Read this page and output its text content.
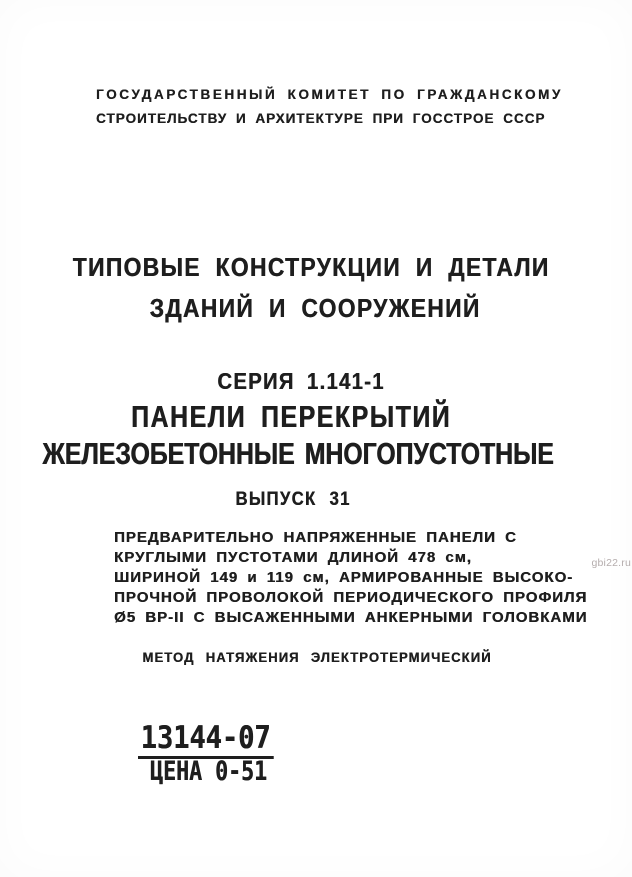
ГОСУДАРСТВЕННЫЙ КОМИТЕТ ПО ГРАЖДАНСКОМУ
СТРОИТЕЛЬСТВУ И АРХИТЕКТУРЕ ПРИ ГОССТРОЕ СССР
ТИПОВЫЕ КОНСТРУКЦИИ И ДЕТАЛИ
ЗДАНИЙ И СООРУЖЕНИЙ
СЕРИЯ 1.141-1
ПАНЕЛИ ПЕРЕКРЫТИЙ
ЖЕЛЕЗОБЕТОННЫЕ МНОГОПУСТОТНЫЕ
ВЫПУСК 31
ПРЕДВАРИТЕЛЬНО НАПРЯЖЕННЫЕ ПАНЕЛИ С
КРУГЛЫМИ ПУСТОТАМИ ДЛИНОЙ 478 см,
ШИРИНОЙ 149 и 119 см, АРМИРОВАННЫЕ ВЫСОКО-
ПРОЧНОЙ ПРОВОЛОКОЙ ПЕРИОДИЧЕСКОГО ПРОФИЛЯ
Ø5 ВР-II С ВЫСАЖЕННЫМИ АНКЕРНЫМИ ГОЛОВКАМИ
МЕТОД НАТЯЖЕНИЯ ЭЛЕКТРОТЕРМИЧЕСКИЙ
13144-07
ЦЕНА 0-51
gbi22.ru
